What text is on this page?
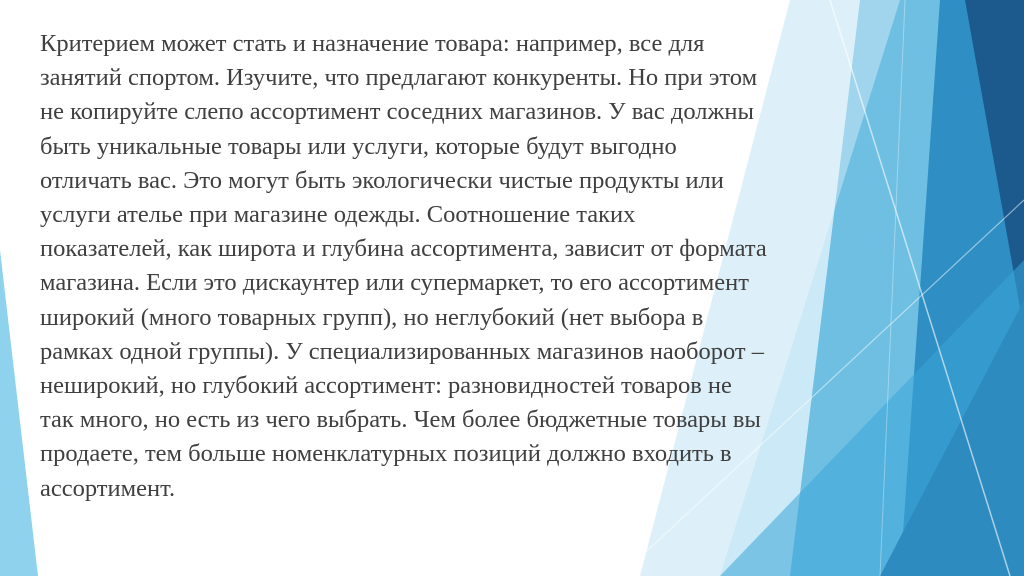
Критерием может стать и назначение товара: например, все для
занятий спортом. Изучите, что предлагают конкуренты. Но при этом
не копируйте слепо ассортимент соседних магазинов. У вас должны
быть уникальные товары или услуги, которые будут выгодно
отличать вас. Это могут быть экологически чистые продукты или
услуги ателье при магазине одежды. Соотношение таких
показателей, как широта и глубина ассортимента, зависит от формата
магазина. Если это дискаунтер или супермаркет, то его ассортимент
широкий (много товарных групп), но неглубокий (нет выбора в
рамках одной группы). У специализированных магазинов наоборот –
неширокий, но глубокий ассортимент: разновидностей товаров не
так много, но есть из чего выбрать. Чем более бюджетные товары вы
продаете, тем больше номенклатурных позиций должно входить в
ассортимент.
